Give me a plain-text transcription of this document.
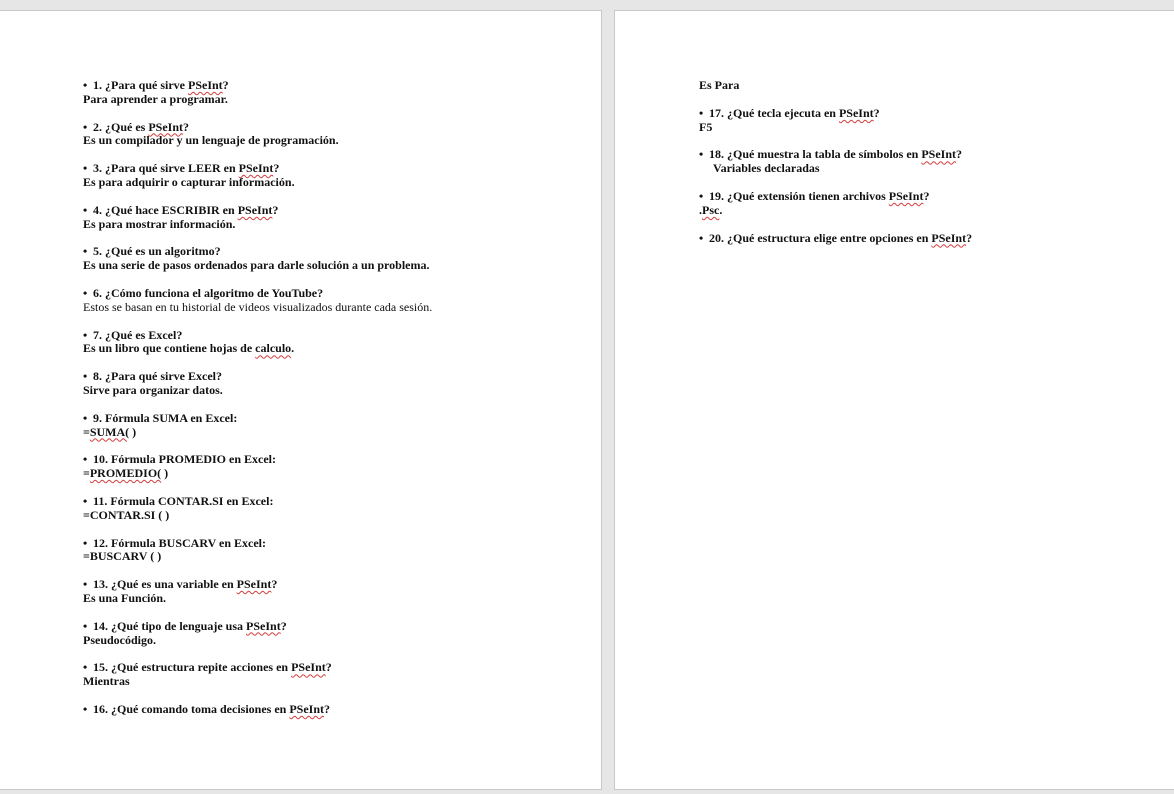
• 1. ¿Para qué sirve PSeInt?
Para aprender a programar.
• 2. ¿Qué es PSeInt?
Es un compilador y un lenguaje de programación.
• 3. ¿Para qué sirve LEER en PSeInt?
Es para adquirir o capturar información.
• 4. ¿Qué hace ESCRIBIR en PSeInt?
Es para mostrar información.
• 5. ¿Qué es un algoritmo?
Es una serie de pasos ordenados para darle solución a un problema.
• 6. ¿Cómo funciona el algoritmo de YouTube?
Estos se basan en tu historial de videos visualizados durante cada sesión.
• 7. ¿Qué es Excel?
Es un libro que contiene hojas de calculo.
• 8. ¿Para qué sirve Excel?
Sirve para organizar datos.
• 9. Fórmula SUMA en Excel:
=SUMA( )
• 10. Fórmula PROMEDIO en Excel:
=PROMEDIO( )
• 11. Fórmula CONTAR.SI en Excel:
=CONTAR.SI ( )
• 12. Fórmula BUSCARV en Excel:
=BUSCARV ( )
• 13. ¿Qué es una variable en PSeInt?
Es una Función.
• 14. ¿Qué tipo de lenguaje usa PSeInt?
Pseudocódigo.
• 15. ¿Qué estructura repite acciones en PSeInt?
Mientras
• 16. ¿Qué comando toma decisiones en PSeInt?
Es Para
• 17. ¿Qué tecla ejecuta en PSeInt?
F5
• 18. ¿Qué muestra la tabla de símbolos en PSeInt?
Variables declaradas
• 19. ¿Qué extensión tienen archivos PSeInt?
.Psc.
• 20. ¿Qué estructura elige entre opciones en PSeInt?
